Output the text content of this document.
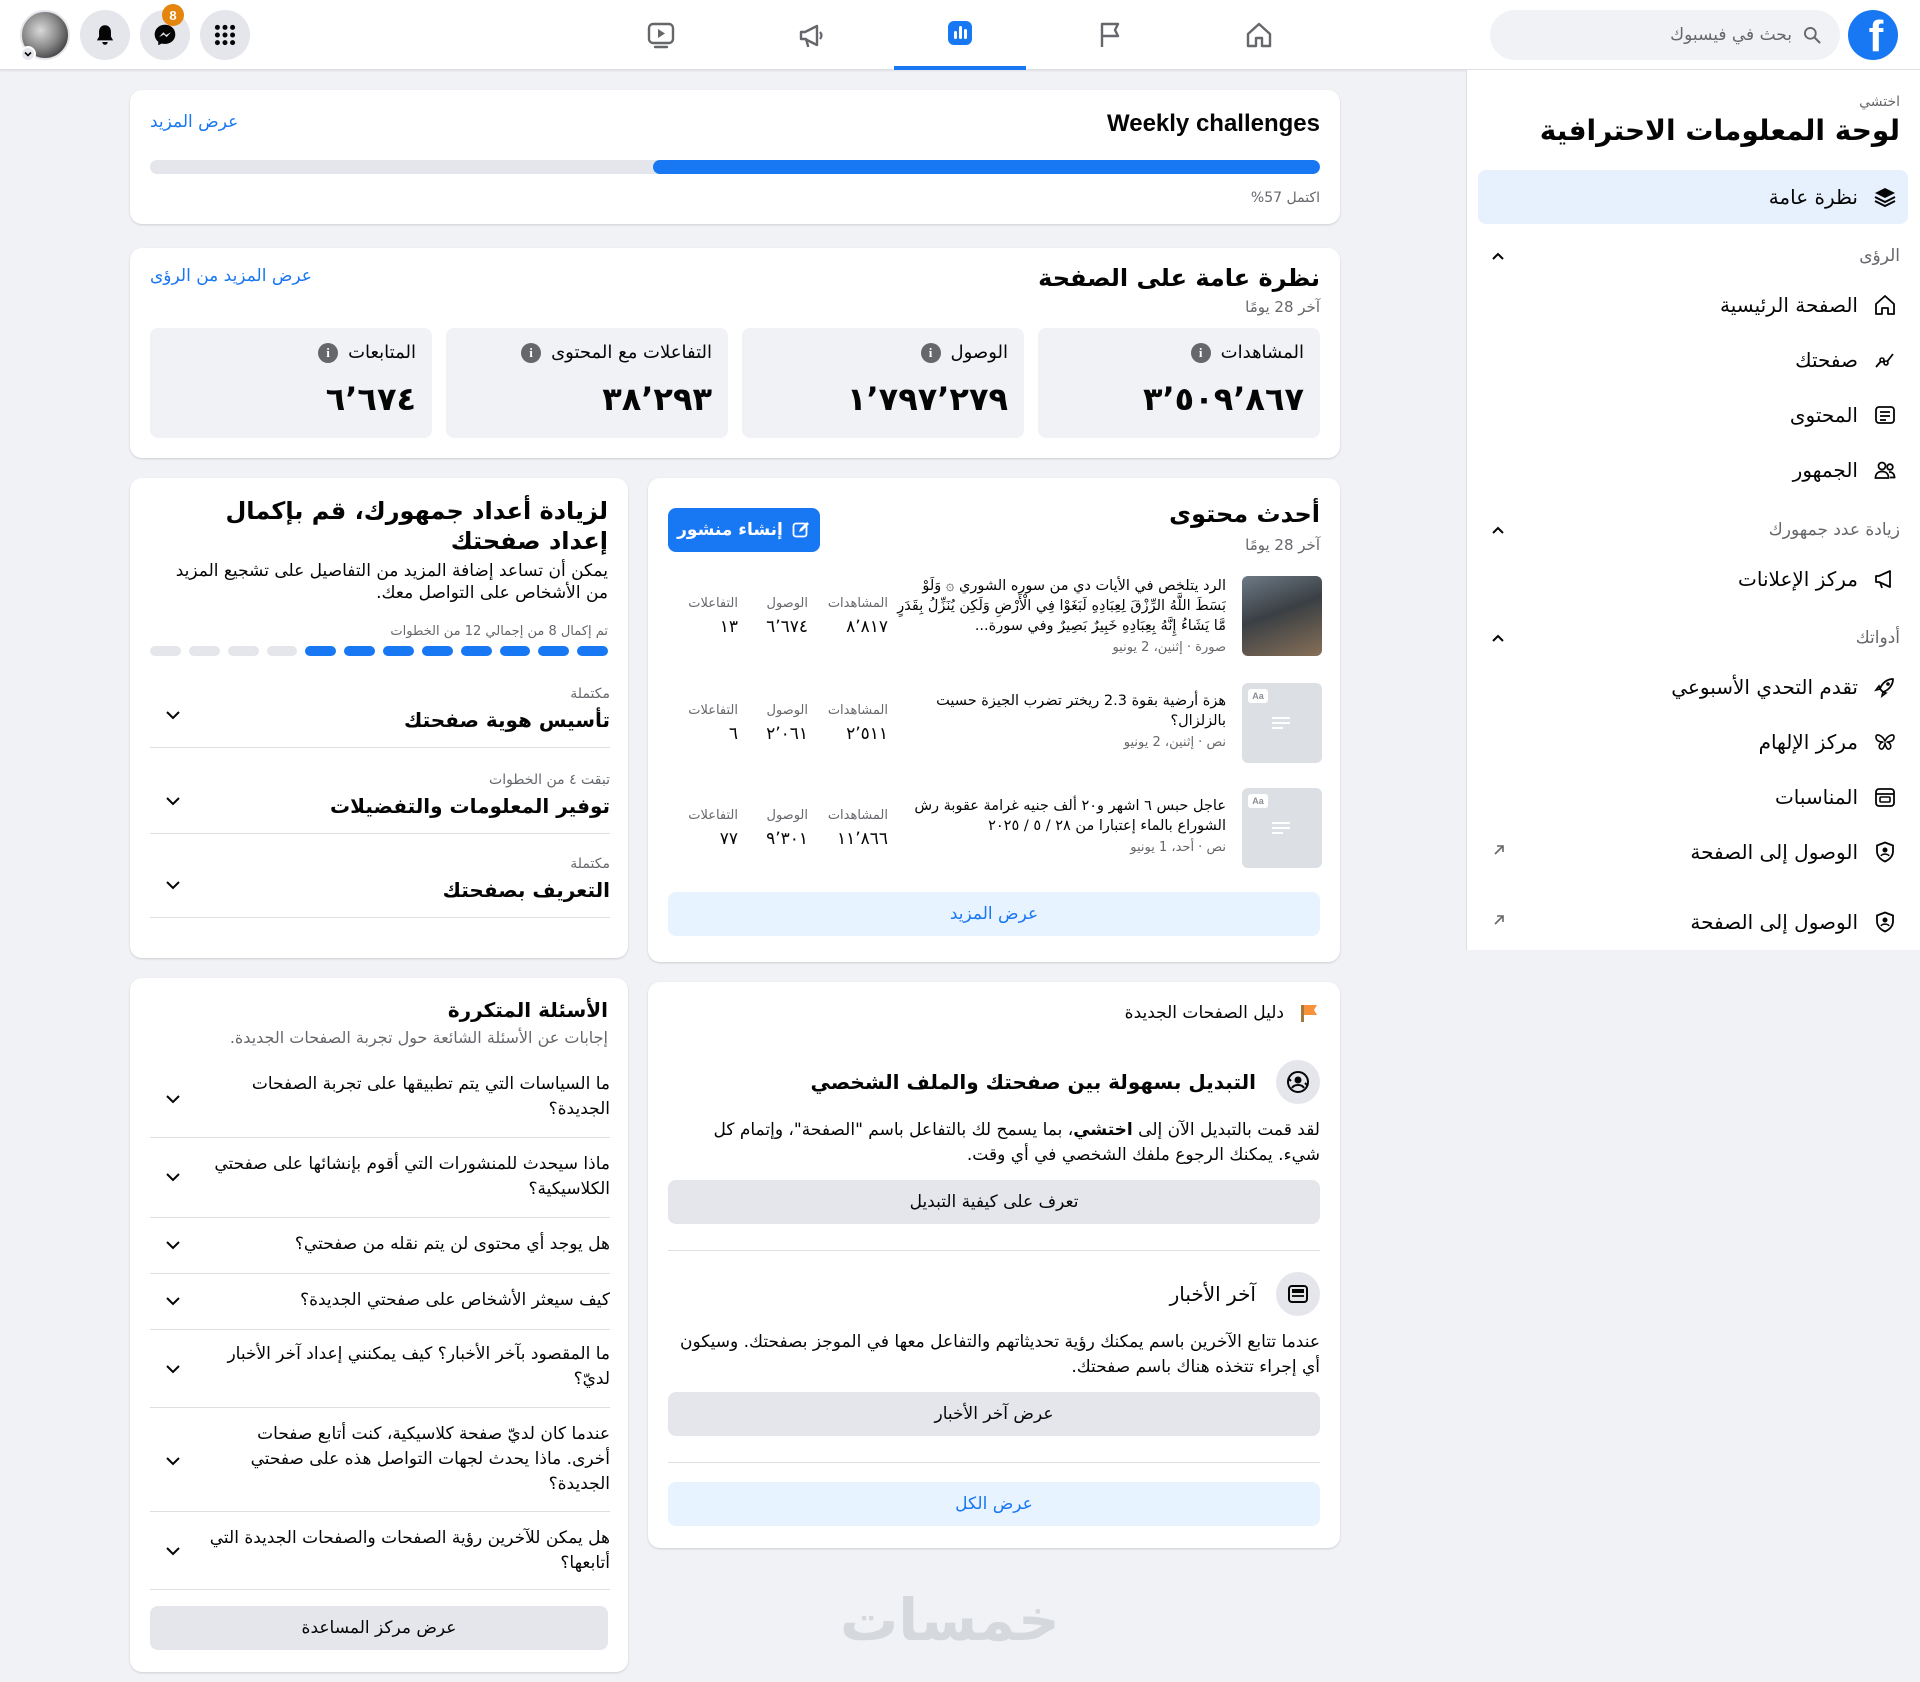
f
بحث في فيسبوك
8
اختشي
لوحة المعلومات الاحترافية
نظرة عامة
الرؤى
الصفحة الرئيسية
صفحتك
المحتوى
الجمهور
زيادة عدد جمهورك
مركز الإعلانات
أدواتك
تقدم التحدي الأسبوعي
مركز الإلهام
المناسبات
الوصول إلى الصفحة
الوصول إلى الصفحة
Weekly challenges
عرض المزيد
اكتمل 57%
نظرة عامة على الصفحة
آخر 28 يومًا
عرض المزيد من الرؤى
المشاهدات
i
٣٬٥٠٩٬٨٦٧
الوصول
i
١٬٧٩٧٬٢٧٩
التفاعلات مع المحتوى
i
٣٨٬٢٩٣
المتابعات
i
٦٬٦٧٤
أحدث محتوى
آخر 28 يومًا
إنشاء منشور
الرد يتلخص في الأيات دي من سوره الشوري ۞ وَلَوْ بَسَطَ اللَّهُ الرِّزْقَ لِعِبَادِهِ لَبَغَوْا فِي الْأَرْضِ وَلَكِن يُنَزِّلُ بِقَدَرٍ مَّا يَشَاءُ إِنَّهُ بِعِبَادِهِ خَبِيرٌ بَصِيرٌ وفي سورة...
صورة · إثنين، 2 يونيو
المشاهدات
٨٬٨١٧
الوصول
٦٬٦٧٤
التفاعلات
١٣
Aa
هزة أرضية بقوة 2.3 ريختر تضرب الجيزة حسيت بالزلزال؟
نص · إثنين، 2 يونيو
المشاهدات
٢٬٥١١
الوصول
٢٬٠٦١
التفاعلات
٦
Aa
عاجل حبس ٦ اشهر و٢٠ ألف جنيه غرامة عقوبة رش الشوراع بالماء إعتبارا من ٢٨ / ٥ / ٢٠٢٥
نص · أحد، 1 يونيو
المشاهدات
١١٬٨٦٦
الوصول
٩٬٣٠١
التفاعلات
٧٧
عرض المزيد
لزيادة أعداد جمهورك، قم بإكمال إعداد صفحتك
يمكن أن تساعد إضافة المزيد من التفاصيل على تشجيع المزيد من الأشخاص على التواصل معك.
تم إكمال 8 من إجمالي 12 من الخطوات
مكتملة
تأسيس هوية صفحتك
تبقت ٤ من الخطوات
توفير المعلومات والتفضيلات
مكتملة
التعريف بصفحتك
دليل الصفحات الجديدة
التبديل بسهولة بين صفحتك والملف الشخصي
لقد قمت بالتبديل الآن إلى اختشي، بما يسمح لك بالتفاعل باسم "الصفحة"، وإتمام كل شيء. يمكنك الرجوع ملفك الشخصي في أي وقت.
تعرف على كيفية التبديل
آخر الأخبار
عندما تتابع الآخرين باسم يمكنك رؤية تحديثاتهم والتفاعل معها في الموجز بصفحتك. وسيكون أي إجراء تتخذه هناك باسم صفحتك.
عرض آخر الأخبار
عرض الكل
الأسئلة المتكررة
إجابات عن الأسئلة الشائعة حول تجربة الصفحات الجديدة.
ما السياسات التي يتم تطبيقها على تجربة الصفحات الجديدة؟
ماذا سيحدث للمنشورات التي أقوم بإنشائها على صفحتي الكلاسيكية؟
هل يوجد أي محتوى لن يتم نقله من صفحتي؟
كيف سيعثر الأشخاص على صفحتي الجديدة؟
ما المقصود بآخر الأخبار؟ كيف يمكنني إعداد آخر الأخبار لديّ؟
عندما كان لديّ صفحة كلاسيكية، كنت أتابع صفحات أخرى. ماذا يحدث لجهات التواصل هذه على صفحتي الجديدة؟
هل يمكن للآخرين رؤية الصفحات والصفحات الجديدة التي أتابعها؟
عرض مركز المساعدة	خمسات
